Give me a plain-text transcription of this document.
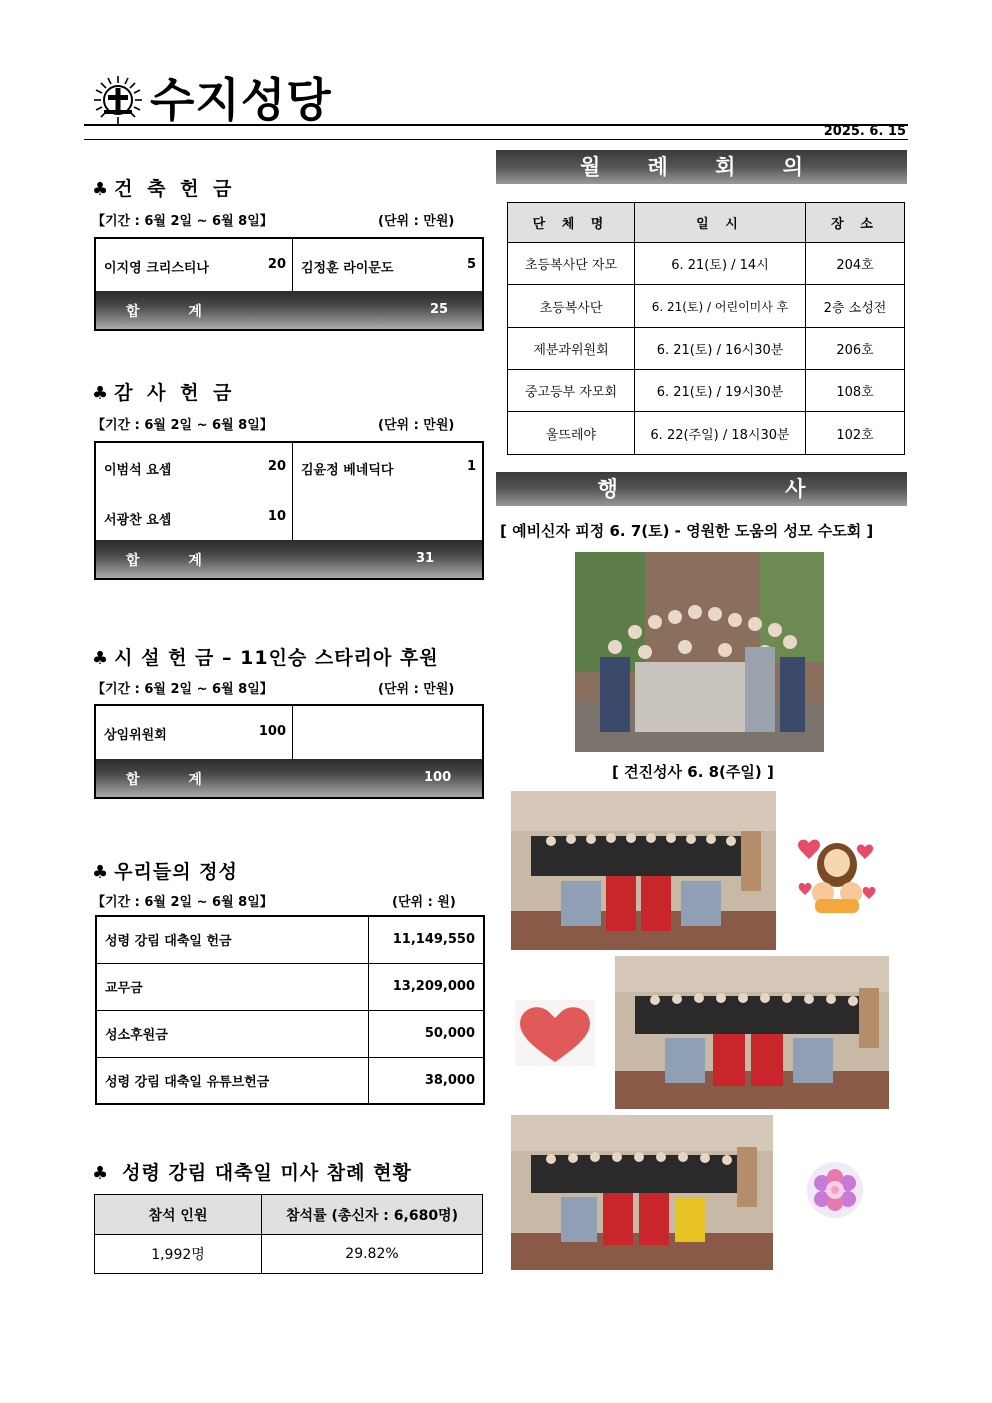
수지성당
2025. 6. 15
♣ 건 축 헌 금
【기간 : 6월 2일 ~ 6월 8일】	(단위 : 만원)
이지영 크리스티나	20 김정훈 라이문도	5
합 계	25
♣ 감 사 헌 금
【기간 : 6월 2일 ~ 6월 8일】	(단위 : 만원)
이범석 요셉	20
서광찬 요셉	10
김윤정 베네딕다	1
합 계	31
♣ 시 설 헌 금 – 11인승 스타리아 후원
【기간 : 6월 2일 ~ 6월 8일】	(단위 : 만원)
상임위원회	100
합 계	100
♣ 우리들의 정성
【기간 : 6월 2일 ~ 6월 8일】	(단위 : 원)
성령 강림 대축일 헌금	11,149,550
교무금	13,209,000
성소후원금	50,000
성령 강림 대축일 유튜브헌금	38,000
♣ 성령 강림 대축일 미사 참례 현황
참석 인원	참석률 (총신자 : 6,680명)
1,992명	29.82%
월 례 회 의
단 체 명	일 시	장 소
초등복사단 자모	6. 21(토) / 14시	204호
초등복사단	6. 21(토) / 어린이미사 후	2층 소성전
제분과위원회	6. 21(토) / 16시30분	206호
중고등부 자모회	6. 21(토) / 19시30분	108호
울뜨레야	6. 22(주일) / 18시30분	102호
행 사
[ 예비신자 피정 6. 7(토) - 영원한 도움의 성모 수도회 ]
[ 견진성사 6. 8(주일) ]
